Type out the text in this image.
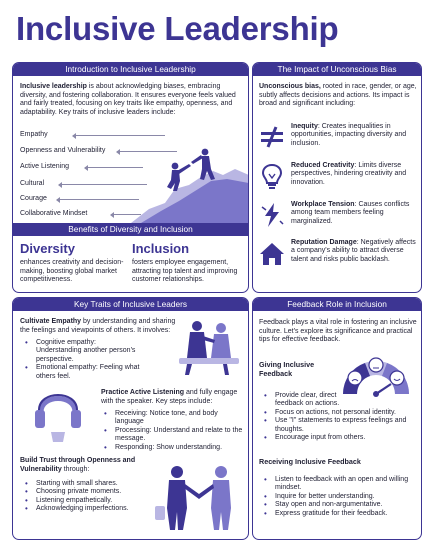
Inclusive Leadership
Introduction to Inclusive Leadership
Inclusive leadership is about acknowledging biases, embracing diversity, and fostering collaboration. It ensures everyone feels valued and fairly treated, focusing on key traits like empathy, openness, and adaptability. Key traits of inclusive leaders include:
Empathy
Openness and Vulnerability
Active Listening
Cultural
Courage
Collaborative Mindset
Benefits of Diversity and Inclusion
Diversity
enhances creativity and decision-making, boosting global market competitiveness.
Inclusion
fosters employee engagement, attracting top talent and improving customer relationships.
The Impact of Unconscious Bias
Unconscious bias, rooted in race, gender, or age, subtly affects decisions and actions. Its impact is broad and significant including:
Inequity: Creates inequalities in opportunities, impacting diversity and inclusion.
Reduced Creativity: Limits diverse perspectives, hindering creativity and innovation.
Workplace Tension: Causes conflicts among team members feeling marginalized.
Reputation Damage: Negatively affects a company's ability to attract diverse talent and risks public backlash.
Key Traits of Inclusive Leaders
Cultivate Empathy by understanding and sharing the feelings and viewpoints of others. It involves:
• Cognitive empathy: Understanding another person's perspective.
• Emotional empathy: Feeling what others feel.
Practice Active Listening and fully engage with the speaker. Key steps include:
• Receiving: Notice tone, and body language
• Processing: Understand and relate to the message.
• Responding: Show understanding.
Build Trust through Openness and Vulnerability through:
• Starting with small shares.
• Choosing private moments.
• Listening empathetically.
• Acknowledging imperfections.
Feedback Role in Inclusion
Feedback plays a vital role in fostering an inclusive culture. Let's explore its significance and practical tips for effective feedback.
Giving Inclusive Feedback
• Provide clear, direct feedback on actions.
• Focus on actions, not personal identity.
• Use "I" statements to express feelings and thoughts.
• Encourage input from others.
Receiving Inclusive Feedback
• Listen to feedback with an open and willing mindset.
• Inquire for better understanding.
• Stay open and non-argumentative.
• Express gratitude for their feedback.
